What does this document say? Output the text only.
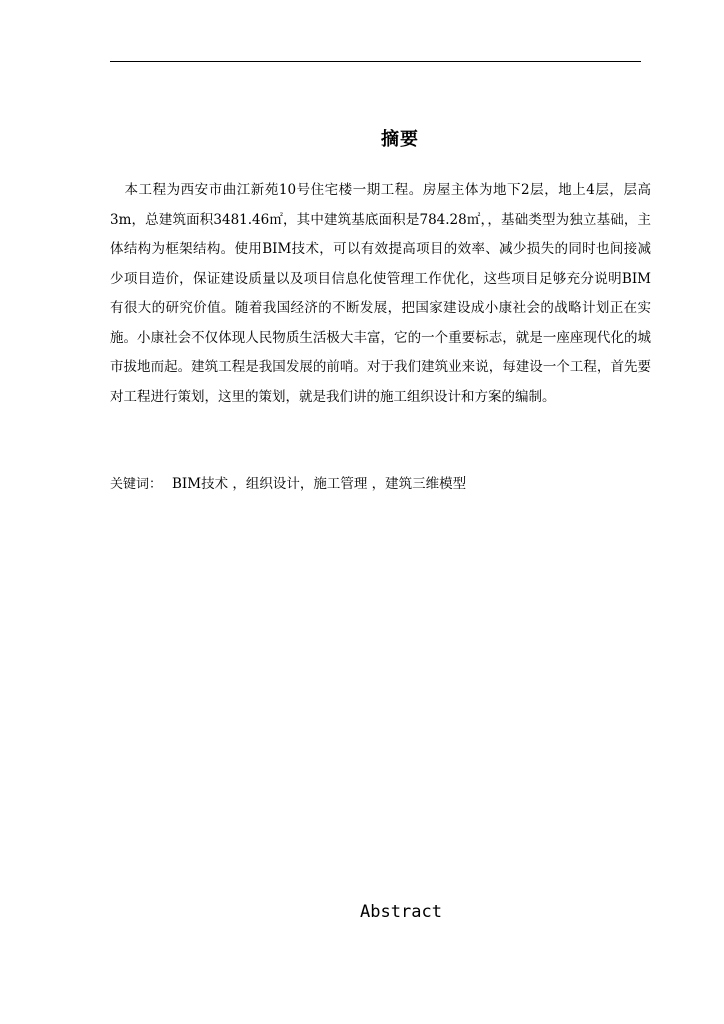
摘要

本工程为西安市曲江新苑10号住宅楼一期工程。房屋主体为地下2层，地上4层，层高3m，总建筑面积3481.46㎡，其中建筑基底面积是784.28㎡，，基础类型为独立基础，主体结构为框架结构。使用BIM技术，可以有效提高项目的效率、减少损失的同时也间接减少项目造价，保证建设质量以及项目信息化使管理工作优化，这些项目足够充分说明BIM有很大的研究价值。随着我国经济的不断发展，把国家建设成小康社会的战略计划正在实施。小康社会不仅体现人民物质生活极大丰富，它的一个重要标志，就是一座座现代化的城市拔地而起。建筑工程是我国发展的前哨。对于我们建筑业来说，每建设一个工程，首先要对工程进行策划，这里的策划，就是我们讲的施工组织设计和方案的编制。

关键词： BIM技术 ，组织设计，施工管理 ，建筑三维模型
Abstract
